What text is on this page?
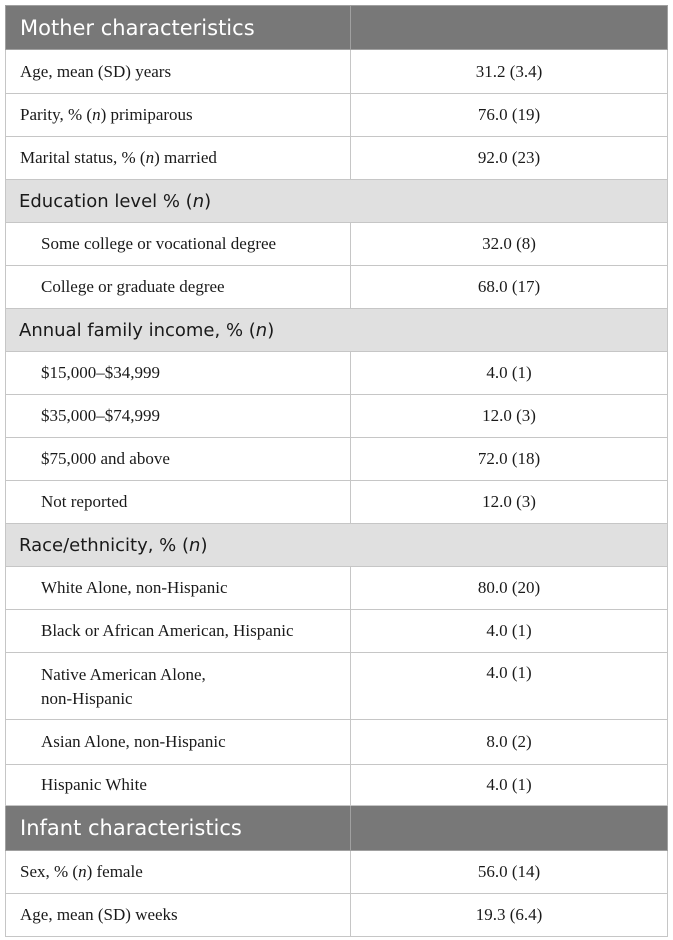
Mother characteristics	
Age, mean (SD) years	31.2 (3.4)
Parity, % (n) primiparous	76.0 (19)
Marital status, % (n) married	92.0 (23)
Education level % (n)	
Some college or vocational degree	32.0 (8)
College or graduate degree	68.0 (17)
Annual family income, % (n)	
$15,000–$34,999	4.0 (1)
$35,000–$74,999	12.0 (3)
$75,000 and above	72.0 (18)
Not reported	12.0 (3)
Race/ethnicity, % (n)	
White Alone, non-Hispanic	80.0 (20)
Black or African American, Hispanic	4.0 (1)
Native American Alone,
non-Hispanic	4.0 (1)
Asian Alone, non-Hispanic	8.0 (2)
Hispanic White	4.0 (1)
Infant characteristics	
Sex, % (n) female	56.0 (14)
Age, mean (SD) weeks	19.3 (6.4)
